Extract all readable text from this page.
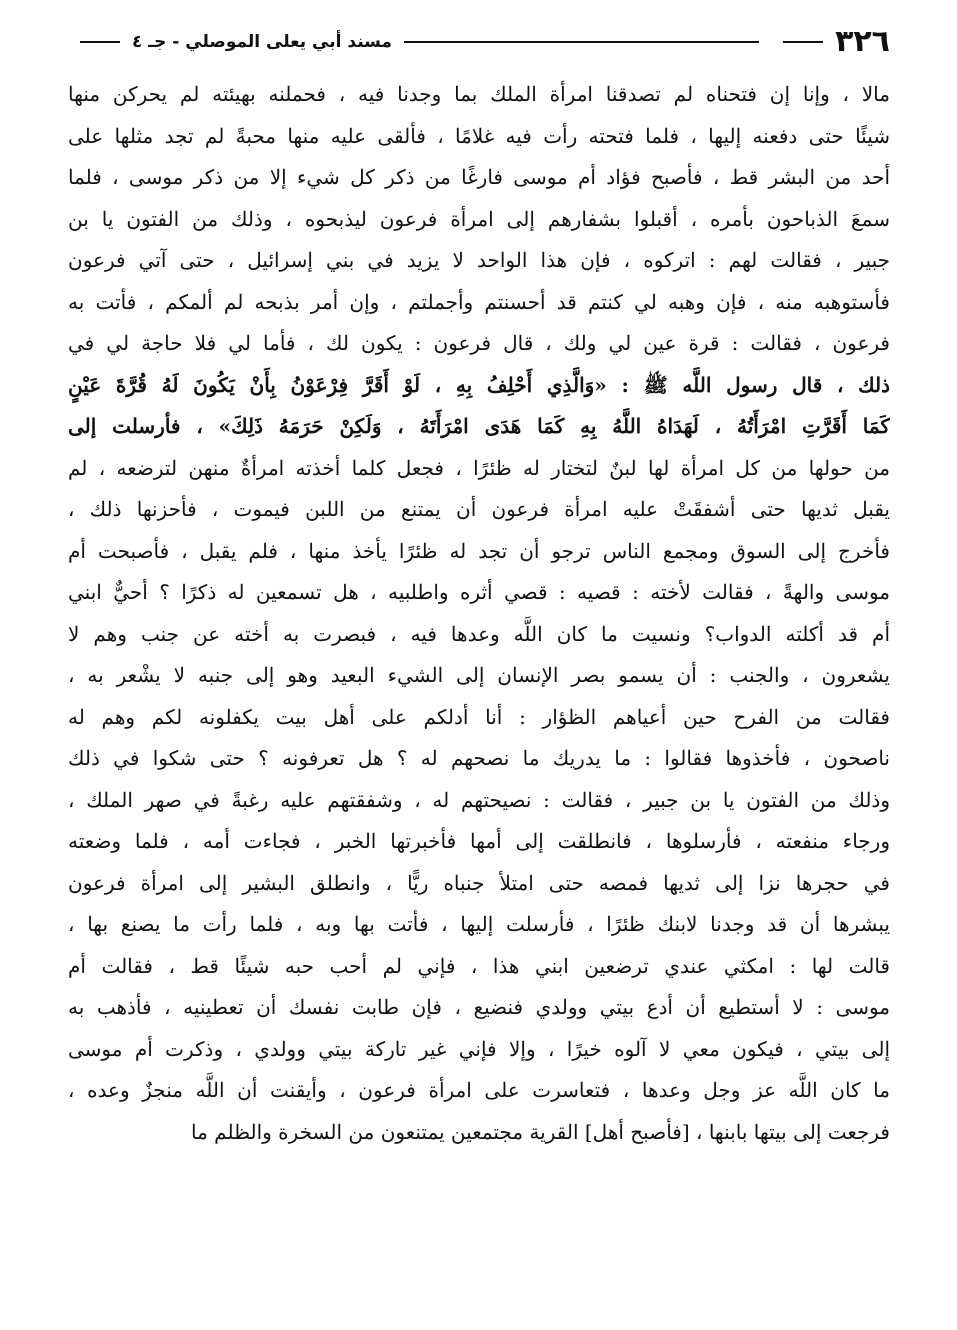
٣٢٦
مسند أبي يعلى الموصلي - جـ ٤
مالا ، وإنا إن فتحناه لم تصدقنا امرأة الملك بما وجدنا فيه ، فحملنه بهيئته لم يحركن منها
شيئًا حتى دفعنه إليها ، فلما فتحته رأت فيه غلامًا ، فألقى عليه منها محبةً لم تجد مثلها على
أحد من البشر قط ، فأصبح فؤاد أم موسى فارغًا من ذكر كل شيء إلا من ذكر موسى ، فلما
سمعَ الذباحون بأمره ، أقبلوا بشفارهم إلى امرأة فرعون ليذبحوه ، وذلك من الفتون يا بن
جبير ، فقالت لهم : اتركوه ، فإن هذا الواحد لا يزيد في بني إسرائيل ، حتى آتي فرعون
فأستوهبه منه ، فإن وهبه لي كنتم قد أحسنتم وأجملتم ، وإن أمر بذبحه لم ألمكم ، فأتت به
فرعون ، فقالت : قرة عين لي ولك ، قال فرعون : يكون لك ، فأما لي فلا حاجة لي في
ذلك ، قال رسول اللَّه ﷺ : «وَالَّذِي أَحْلِفُ بِهِ ، لَوْ أَقَرَّ فِرْعَوْنُ بِأَنْ يَكُونَ لَهُ قُرَّةَ عَيْنٍ
كَمَا أَقَرَّتِ امْرَأَتُهُ ، لَهَدَاهُ اللَّهُ بِهِ كَمَا هَدَى امْرَأَتَهُ ، وَلَكِنْ حَرَمَهُ ذَلِكَ» ، فأرسلت إلى
من حولها من كل امرأة لها لبنٌ لتختار له ظئرًا ، فجعل كلما أخذته امرأةٌ منهن لترضعه ، لم
يقبل ثديها حتى أشفقَتْ عليه امرأة فرعون أن يمتنع من اللبن فيموت ، فأحزنها ذلك ،
فأخرج إلى السوق ومجمع الناس ترجو أن تجد له ظئرًا يأخذ منها ، فلم يقبل ، فأصبحت أم
موسى والهةً ، فقالت لأخته : قصيه : قصي أثره واطلبيه ، هل تسمعين له ذكرًا ؟ أحيٌّ ابني
أم قد أكلته الدواب؟ ونسيت ما كان اللَّه وعدها فيه ، فبصرت به أخته عن جنب وهم لا
يشعرون ، والجنب : أن يسمو بصر الإنسان إلى الشيء البعيد وهو إلى جنبه لا يشْعر به ،
فقالت من الفرح حين أعياهم الظؤار : أنا أدلكم على أهل بيت يكفلونه لكم وهم له
ناصحون ، فأخذوها فقالوا : ما يدريك ما نصحهم له ؟ هل تعرفونه ؟ حتى شكوا في ذلك
وذلك من الفتون يا بن جبير ، فقالت : نصيحتهم له ، وشفقتهم عليه رغبةً في صهر الملك ،
ورجاء منفعته ، فأرسلوها ، فانطلقت إلى أمها فأخبرتها الخبر ، فجاءت أمه ، فلما وضعته
في حجرها نزا إلى ثديها فمصه حتى امتلأ جنباه ريًّا ، وانطلق البشير إلى امرأة فرعون
يبشرها أن قد وجدنا لابنك ظئرًا ، فأرسلت إليها ، فأتت بها وبه ، فلما رأت ما يصنع بها ،
قالت لها : امكثي عندي ترضعين ابني هذا ، فإني لم أحب حبه شيئًا قط ، فقالت أم
موسى : لا أستطيع أن أدع بيتي وولدي فنضيع ، فإن طابت نفسك أن تعطينيه ، فأذهب به
إلى بيتي ، فيكون معي لا آلوه خيرًا ، وإلا فإني غير تاركة بيتي وولدي ، وذكرت أم موسى
ما كان اللَّه عز وجل وعدها ، فتعاسرت على امرأة فرعون ، وأيقنت أن اللَّه منجزٌ وعده ،
فرجعت إلى بيتها بابنها ، [فأصبح أهل] القرية مجتمعين يمتنعون من السخرة والظلم ما
